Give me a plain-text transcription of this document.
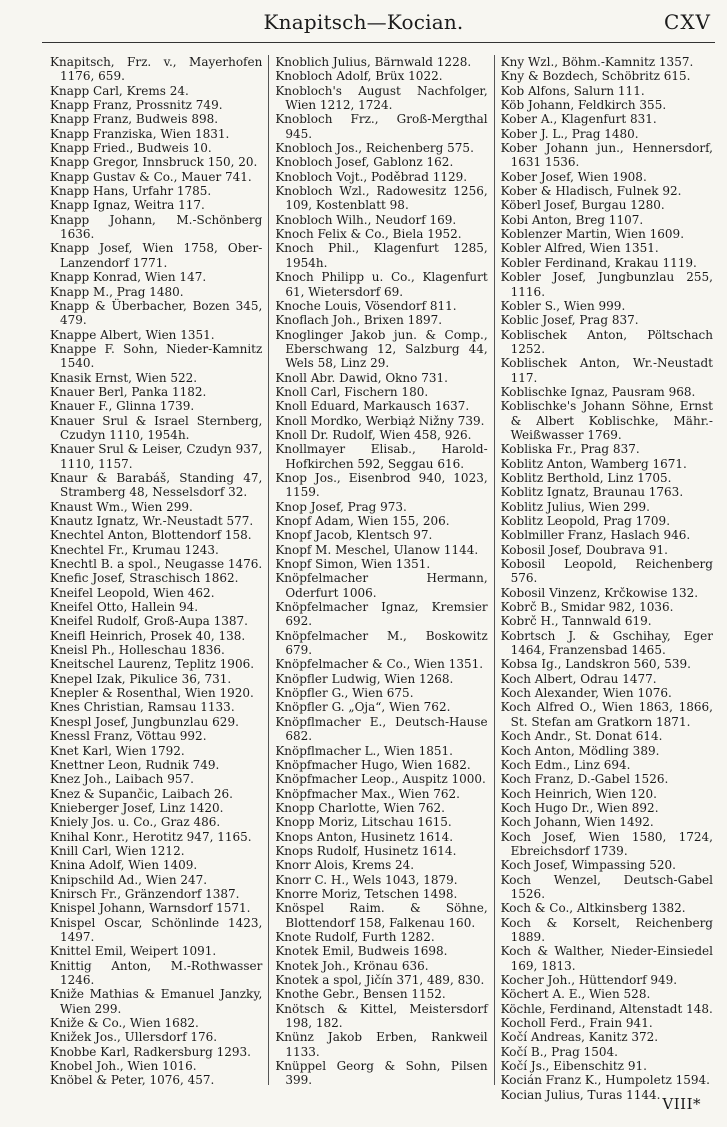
Knapitsch—Kocian.	CXV
Knapitsch, Frz. v., Mayerhofen 1176, 659.
Knapp Carl, Krems 24.
Knapp Franz, Prossnitz 749.
Knapp Franz, Budweis 898.
Knapp Franziska, Wien 1831.
Knapp Fried., Budweis 10.
Knapp Gregor, Innsbruck 150, 20.
Knapp Gustav & Co., Mauer 741.
Knapp Hans, Urfahr 1785.
Knapp Ignaz, Weitra 117.
Knapp Johann, M.-Schönberg 1636.
Knapp Josef, Wien 1758, Ober-Lanzendorf 1771.
Knapp Konrad, Wien 147.
Knapp M., Prag 1480.
Knapp & Überbacher, Bozen 345, 479.
Knappe Albert, Wien 1351.
Knappe F. Sohn, Nieder-Kamnitz 1540.
Knasik Ernst, Wien 522.
Knauer Berl, Panka 1182.
Knauer F., Glinna 1739.
Knauer Srul & Israel Sternberg, Czudyn 1110, 1954h.
Knauer Srul & Leiser, Czudyn 937, 1110, 1157.
Knaur & Barabáš, Standing 47, Stramberg 48, Nesselsdorf 32.
Knaust Wm., Wien 299.
Knautz Ignatz, Wr.-Neustadt 577.
Knechtel Anton, Blottendorf 158.
Knechtel Fr., Krumau 1243.
Knechtl B. a spol., Neugasse 1476.
Knefic Josef, Straschisch 1862.
Kneifel Leopold, Wien 462.
Kneifel Otto, Hallein 94.
Kneifel Rudolf, Groß-Aupa 1387.
Kneifl Heinrich, Prosek 40, 138.
Kneisl Ph., Holleschau 1836.
Kneitschel Laurenz, Teplitz 1906.
Knepel Izak, Pikulice 36, 731.
Knepler & Rosenthal, Wien 1920.
Knes Christian, Ramsau 1133.
Knespl Josef, Jungbunzlau 629.
Knessl Franz, Vöttau 992.
Knet Karl, Wien 1792.
Knettner Leon, Rudnik 749.
Knez Joh., Laibach 957.
Knez & Supančic, Laibach 26.
Knieberger Josef, Linz 1420.
Kniely Jos. u. Co., Graz 486.
Knihal Konr., Herotitz 947, 1165.
Knill Carl, Wien 1212.
Knina Adolf, Wien 1409.
Knipschild Ad., Wien 247.
Knirsch Fr., Gränzendorf 1387.
Knispel Johann, Warnsdorf 1571.
Knispel Oscar, Schönlinde 1423, 1497.
Knittel Emil, Weipert 1091.
Knittig Anton, M.-Rothwasser 1246.
Kniže Mathias & Emanuel Janzky, Wien 299.
Kniže & Co., Wien 1682.
Knižek Jos., Ullersdorf 176.
Knobbe Karl, Radkersburg 1293.
Knobel Joh., Wien 1016.
Knöbel & Peter, 1076, 457.
Knoblich Julius, Bärnwald 1228.
Knobloch Adolf, Brüx 1022.
Knobloch's August Nachfolger, Wien 1212, 1724.
Knobloch Frz., Groß-Mergthal 945.
Knobloch Jos., Reichenberg 575.
Knobloch Josef, Gablonz 162.
Knobloch Vojt., Poděbrad 1129.
Knobloch Wzl., Radowesitz 1256, 109, Kostenblatt 98.
Knobloch Wilh., Neudorf 169.
Knoch Felix & Co., Biela 1952.
Knoch Phil., Klagenfurt 1285, 1954h.
Knoch Philipp u. Co., Klagenfurt 61, Wietersdorf 69.
Knoche Louis, Vösendorf 811.
Knoflach Joh., Brixen 1897.
Knoglinger Jakob jun. & Comp., Eberschwang 12, Salzburg 44, Wels 58, Linz 29.
Knoll Abr. Dawid, Okno 731.
Knoll Carl, Fischern 180.
Knoll Eduard, Markausch 1637.
Knoll Mordko, Werbiąż Nižny 739.
Knoll Dr. Rudolf, Wien 458, 926.
Knollmayer Elisab., Harold-Hofkirchen 592, Seggau 616.
Knop Jos., Eisenbrod 940, 1023, 1159.
Knop Josef, Prag 973.
Knopf Adam, Wien 155, 206.
Knopf Jacob, Klentsch 97.
Knopf M. Meschel, Ulanow 1144.
Knopf Simon, Wien 1351.
Knöpfelmacher Hermann, Oderfurt 1006.
Knöpfelmacher Ignaz, Kremsier 692.
Knöpfelmacher M., Boskowitz 679.
Knöpfelmacher & Co., Wien 1351.
Knöpfler Ludwig, Wien 1268.
Knöpfler G., Wien 675.
Knöpfler G. „Oja“, Wien 762.
Knöpflmacher E., Deutsch-Hause 682.
Knöpflmacher L., Wien 1851.
Knöpfmacher Hugo, Wien 1682.
Knöpfmacher Leop., Auspitz 1000.
Knöpfmacher Max., Wien 762.
Knopp Charlotte, Wien 762.
Knopp Moriz, Litschau 1615.
Knops Anton, Husinetz 1614.
Knops Rudolf, Husinetz 1614.
Knorr Alois, Krems 24.
Knorr C. H., Wels 1043, 1879.
Knorre Moriz, Tetschen 1498.
Knöspel Raim. & Söhne, Blottendorf 158, Falkenau 160.
Knote Rudolf, Furth 1282.
Knotek Emil, Budweis 1698.
Knotek Joh., Krönau 636.
Knotek a spol, Jičín 371, 489, 830.
Knothe Gebr., Bensen 1152.
Knötsch & Kittel, Meistersdorf 198, 182.
Knünz Jakob Erben, Rankweil 1133.
Knüppel Georg & Sohn, Pilsen 399.
Kny Wzl., Böhm.-Kamnitz 1357.
Kny & Bozdech, Schöbritz 615.
Kob Alfons, Salurn 111.
Köb Johann, Feldkirch 355.
Kober A., Klagenfurt 831.
Kober J. L., Prag 1480.
Kober Johann jun., Hennersdorf, 1631 1536.
Kober Josef, Wien 1908.
Kober & Hladisch, Fulnek 92.
Köberl Josef, Burgau 1280.
Kobi Anton, Breg 1107.
Koblenzer Martin, Wien 1609.
Kobler Alfred, Wien 1351.
Kobler Ferdinand, Krakau 1119.
Kobler Josef, Jungbunzlau 255, 1116.
Kobler S., Wien 999.
Koblic Josef, Prag 837.
Koblischek Anton, Pöltschach 1252.
Koblischek Anton, Wr.-Neustadt 117.
Koblischke Ignaz, Pausram 968.
Koblischke's Johann Söhne, Ernst & Albert Koblischke, Mähr.-Weißwasser 1769.
Kobliska Fr., Prag 837.
Koblitz Anton, Wamberg 1671.
Koblitz Berthold, Linz 1705.
Koblitz Ignatz, Braunau 1763.
Koblitz Julius, Wien 299.
Koblitz Leopold, Prag 1709.
Koblmiller Franz, Haslach 946.
Kobosil Josef, Doubrava 91.
Kobosil Leopold, Reichenberg 576.
Kobosil Vinzenz, Krčkowise 132.
Kobrč B., Smidar 982, 1036.
Kobrč H., Tannwald 619.
Kobrtsch J. & Gschihay, Eger 1464, Franzensbad 1465.
Kobsa Ig., Landskron 560, 539.
Koch Albert, Odrau 1477.
Koch Alexander, Wien 1076.
Koch Alfred O., Wien 1863, 1866, St. Stefan am Gratkorn 1871.
Koch Andr., St. Donat 614.
Koch Anton, Mödling 389.
Koch Edm., Linz 694.
Koch Franz, D.-Gabel 1526.
Koch Heinrich, Wien 120.
Koch Hugo Dr., Wien 892.
Koch Johann, Wien 1492.
Koch Josef, Wien 1580, 1724, Ebreichsdorf 1739.
Koch Josef, Wimpassing 520.
Koch Wenzel, Deutsch-Gabel 1526.
Koch & Co., Altkinsberg 1382.
Koch & Korselt, Reichenberg 1889.
Koch & Walther, Nieder-Einsiedel 169, 1813.
Kocher Joh., Hüttendorf 949.
Köchert A. E., Wien 528.
Köchle, Ferdinand, Altenstadt 148.
Kocholl Ferd., Frain 941.
Kočí Andreas, Kanitz 372.
Kočí B., Prag 1504.
Kočí Js., Eibenschitz 91.
Kocián Franz K., Humpoletz 1594.
Kocian Julius, Turas 1144.
VIII*
